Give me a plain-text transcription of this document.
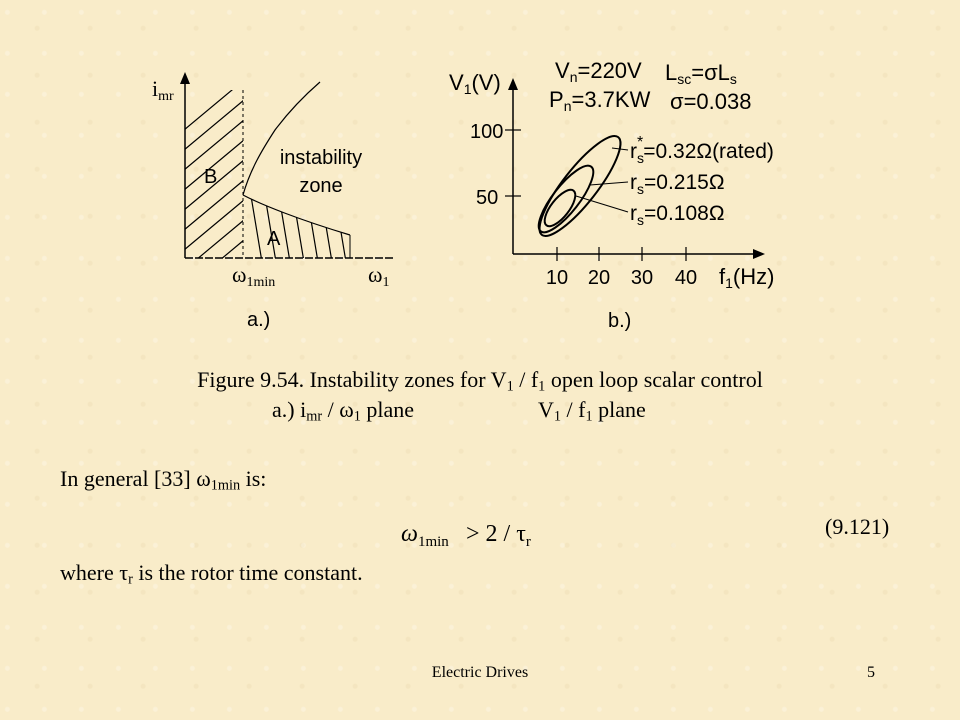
imr
B
A
instability
zone
ω1min	ω1
a.)
V1(V) Vn=220V
Pn=3.7KW
Lsc=σLs
σ=0.038
100
50
10 20 30 40 f1(Hz)
$r_s*=0.32\Omega(rated)$
$r_s=0.215\Omega$
$r_s=0.108\Omega$
b.)
$\omega_{1min} > 2 / \tau_r$
Figure 9.54. Instability zones for $V_1 / f_1$ open loop scalar control
a.) $i_{mr} / \omega_1$ plane	$V_1 / f_1$ plane
In general [33] $\omega_{1min}$ is:
(9.121)
where $\tau_r$ is the rotor time constant.
Electric Drives	5
